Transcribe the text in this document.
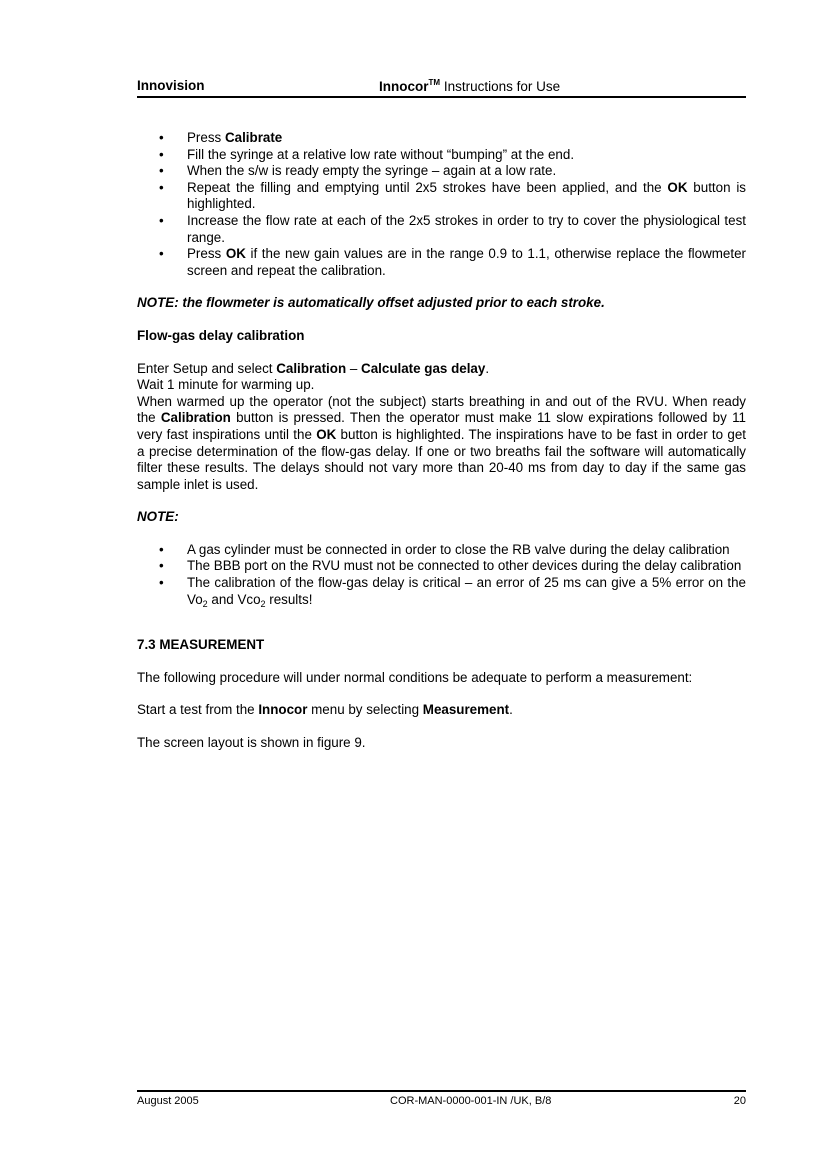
Innovision	Innocor™ Instructions for Use
• Press Calibrate
• Fill the syringe at a relative low rate without “bumping” at the end.
• When the s/w is ready empty the syringe – again at a low rate.
• Repeat the filling and emptying until 2x5 strokes have been applied, and the OK button is highlighted.
• Increase the flow rate at each of the 2x5 strokes in order to try to cover the physiological test range.
• Press OK if the new gain values are in the range 0.9 to 1.1, otherwise replace the flowmeter screen and repeat the calibration.
NOTE: the flowmeter is automatically offset adjusted prior to each stroke.
Flow-gas delay calibration
Enter Setup and select Calibration – Calculate gas delay.
Wait 1 minute for warming up.
When warmed up the operator (not the subject) starts breathing in and out of the RVU. When ready the Calibration button is pressed. Then the operator must make 11 slow expirations followed by 11 very fast inspirations until the OK button is highlighted. The inspirations have to be fast in order to get a precise determination of the flow-gas delay. If one or two breaths fail the software will automatically filter these results. The delays should not vary more than 20-40 ms from day to day if the same gas sample inlet is used.
NOTE:
• A gas cylinder must be connected in order to close the RB valve during the delay calibration
• The BBB port on the RVU must not be connected to other devices during the delay calibration
• The calibration of the flow-gas delay is critical – an error of 25 ms can give a 5% error on the $Vo_2$ and Vco$_2$ results!
7.3 MEASUREMENT
The following procedure will under normal conditions be adequate to perform a measurement:
Start a test from the Innocor menu by selecting Measurement.
The screen layout is shown in figure 9.
August 2005	COR-MAN-0000-001-IN /UK, B/8	20
